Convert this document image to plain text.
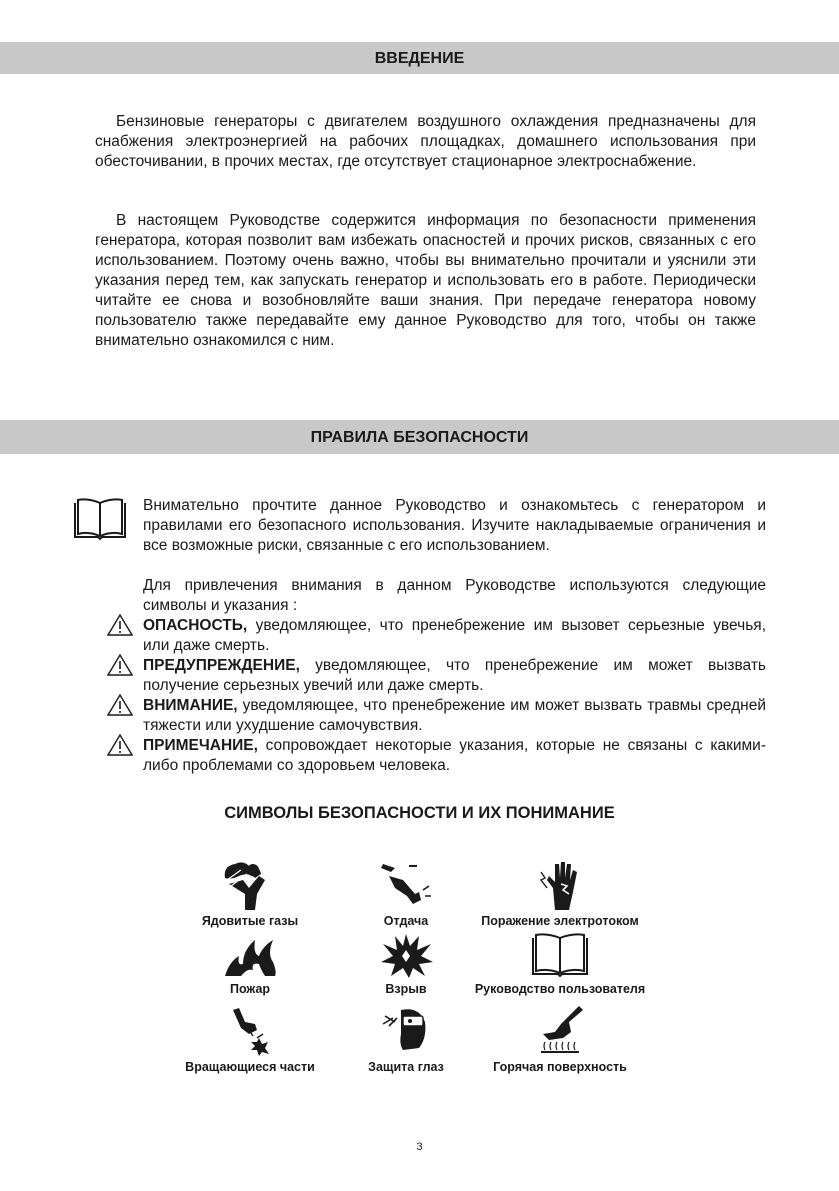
ВВЕДЕНИЕ

Бензиновые генераторы с двигателем воздушного охлаждения предназначены для снабжения электроэнергией на рабочих площадках, домашнего использования при обесточивании, в прочих местах, где отсутствует стационарное электроснабжение.

В настоящем Руководстве содержится информация по безопасности применения генератора, которая позволит вам избежать опасностей и прочих рисков, связанных с его использованием. Поэтому очень важно, чтобы вы внимательно прочитали и уяснили эти указания перед тем, как запускать генератор и использовать его в работе. Периодически читайте ее снова и возобновляйте ваши знания. При передаче генератора новому пользователю также передавайте ему данное Руководство для того, чтобы он также внимательно ознакомился с ним.

ПРАВИЛА БЕЗОПАСНОСТИ

Внимательно прочтите данное Руководство и ознакомьтесь с генератором и правилами его безопасного использования. Изучите накладываемые ограничения и все возможные риски, связанные с его использованием.

Для привлечения внимания в данном Руководстве используются следующие символы и указания :

ОПАСНОСТЬ, уведомляющее, что пренебрежение им вызовет серьезные увечья, или даже смерть.

ПРЕДУПРЕЖДЕНИЕ, уведомляющее, что пренебрежение им может вызвать получение серьезных увечий или даже смерть.

ВНИМАНИЕ, уведомляющее, что пренебрежение им может вызвать травмы средней тяжести или ухудшение самочувствия.

ПРИМЕЧАНИЕ, сопровождает некоторые указания, которые не связаны с какими-либо проблемами со здоровьем человека.

СИМВОЛЫ БЕЗОПАСНОСТИ И ИХ ПОНИМАНИЕ
Ядовитые газы	Отдача	Поражение электротоком
Пожар	Взрыв	Руководство пользователя
Вращающиеся части	Защита глаз	Горячая поверхность
3
